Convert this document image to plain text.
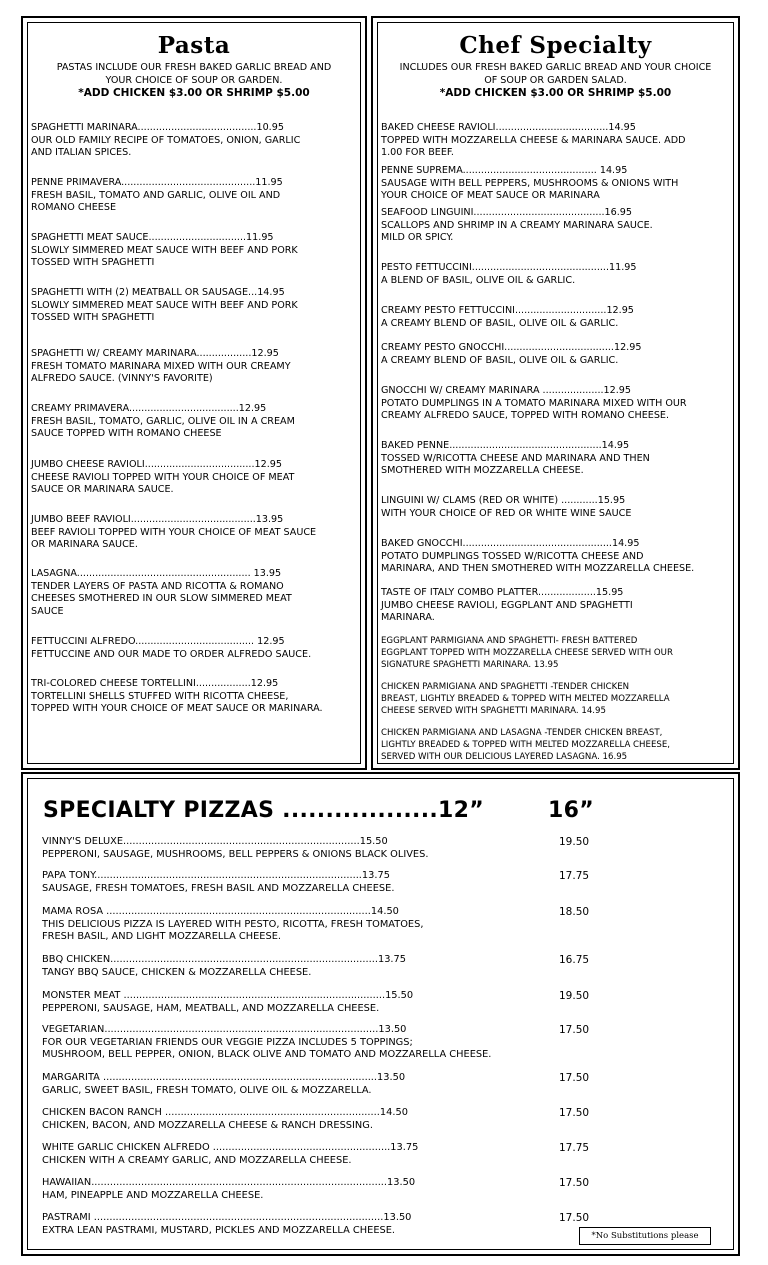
Pasta
PASTAS INCLUDE OUR FRESH BAKED GARLIC BREAD AND
YOUR CHOICE OF SOUP OR GARDEN.
*ADD CHICKEN $3.00 OR SHRIMP $5.00
SPAGHETTI MARINARA.......................................10.95
OUR OLD FAMILY RECIPE OF TOMATOES, ONION, GARLIC
AND ITALIAN SPICES.
PENNE PRIMAVERA............................................11.95
FRESH BASIL, TOMATO AND GARLIC, OLIVE OIL AND
ROMANO CHEESE
SPAGHETTI MEAT SAUCE................................11.95
SLOWLY SIMMERED MEAT SAUCE WITH BEEF AND PORK
TOSSED WITH SPAGHETTI
SPAGHETTI WITH (2) MEATBALL OR SAUSAGE...14.95
SLOWLY SIMMERED MEAT SAUCE WITH BEEF AND PORK
TOSSED WITH SPAGHETTI
SPAGHETTI W/ CREAMY MARINARA..................12.95
FRESH TOMATO MARINARA MIXED WITH OUR CREAMY
ALFREDO SAUCE. (VINNY'S FAVORITE)
CREAMY PRIMAVERA....................................12.95
FRESH BASIL, TOMATO, GARLIC, OLIVE OIL IN A CREAM
SAUCE TOPPED WITH ROMANO CHEESE
JUMBO CHEESE RAVIOLI....................................12.95
CHEESE RAVIOLI TOPPED WITH YOUR CHOICE OF MEAT
SAUCE OR MARINARA SAUCE.
JUMBO BEEF RAVIOLI.........................................13.95
BEEF RAVIOLI TOPPED WITH YOUR CHOICE OF MEAT SAUCE
OR MARINARA SAUCE.
LASAGNA......................................................... 13.95
TENDER LAYERS OF PASTA AND RICOTTA & ROMANO
CHEESES SMOTHERED IN OUR SLOW SIMMERED MEAT
SAUCE
FETTUCCINI ALFREDO....................................... 12.95
FETTUCCINE AND OUR MADE TO ORDER ALFREDO SAUCE.
TRI-COLORED CHEESE TORTELLINI..................12.95
TORTELLINI SHELLS STUFFED WITH RICOTTA CHEESE,
TOPPED WITH YOUR CHOICE OF MEAT SAUCE OR MARINARA.
Chef Specialty
INCLUDES OUR FRESH BAKED GARLIC BREAD AND YOUR CHOICE
OF SOUP OR GARDEN SALAD.
*ADD CHICKEN $3.00 OR SHRIMP $5.00
BAKED CHEESE RAVIOLI.....................................14.95
TOPPED WITH MOZZARELLA CHEESE & MARINARA SAUCE. ADD
1.00 FOR BEEF.
PENNE SUPREMA............................................ 14.95
SAUSAGE WITH BELL PEPPERS, MUSHROOMS & ONIONS WITH
YOUR CHOICE OF MEAT SAUCE OR MARINARA
SEAFOOD LINGUINI...........................................16.95
SCALLOPS AND SHRIMP IN A CREAMY MARINARA SAUCE.
MILD OR SPICY.
PESTO FETTUCCINI.............................................11.95
A BLEND OF BASIL, OLIVE OIL & GARLIC.
CREAMY PESTO FETTUCCINI..............................12.95
A CREAMY BLEND OF BASIL, OLIVE OIL & GARLIC.
CREAMY PESTO GNOCCHI....................................12.95
A CREAMY BLEND OF BASIL, OLIVE OIL & GARLIC.
GNOCCHI W/ CREAMY MARINARA ....................12.95
POTATO DUMPLINGS IN A TOMATO MARINARA MIXED WITH OUR
CREAMY ALFREDO SAUCE, TOPPED WITH ROMANO CHEESE.
BAKED PENNE..................................................14.95
TOSSED W/RICOTTA CHEESE AND MARINARA AND THEN
SMOTHERED WITH MOZZARELLA CHEESE.
LINGUINI W/ CLAMS (RED OR WHITE) ............15.95
WITH YOUR CHOICE OF RED OR WHITE WINE SAUCE
BAKED GNOCCHI.................................................14.95
POTATO DUMPLINGS TOSSED W/RICOTTA CHEESE AND
MARINARA, AND THEN SMOTHERED WITH MOZZARELLA CHEESE.
TASTE OF ITALY COMBO PLATTER...................15.95
JUMBO CHEESE RAVIOLI, EGGPLANT AND SPAGHETTI
MARINARA.
EGGPLANT PARMIGIANA AND SPAGHETTI- FRESH BATTERED
EGGPLANT TOPPED WITH MOZZARELLA CHEESE SERVED WITH OUR
SIGNATURE SPAGHETTI MARINARA. 13.95
CHICKEN PARMIGIANA AND SPAGHETTI -TENDER CHICKEN
BREAST, LIGHTLY BREADED & TOPPED WITH MELTED MOZZARELLA
CHEESE SERVED WITH SPAGHETTI MARINARA. 14.95
CHICKEN PARMIGIANA AND LASAGNA -TENDER CHICKEN BREAST,
LIGHTLY BREADED & TOPPED WITH MELTED MOZZARELLA CHEESE,
SERVED WITH OUR DELICIOUS LAYERED LASAGNA. 16.95
SPECIALTY PIZZAS ..................12”	16”
VINNY'S DELUXE............................................................................15.50
PEPPERONI, SAUSAGE, MUSHROOMS, BELL PEPPERS & ONIONS BLACK OLIVES.
19.50
PAPA TONY......................................................................................13.75
SAUSAGE, FRESH TOMATOES, FRESH BASIL AND MOZZARELLA CHEESE.
17.75
MAMA ROSA .....................................................................................14.50
THIS DELICIOUS PIZZA IS LAYERED WITH PESTO, RICOTTA, FRESH TOMATOES,
FRESH BASIL, AND LIGHT MOZZARELLA CHEESE.
18.50
BBQ CHICKEN......................................................................................13.75
TANGY BBQ SAUCE, CHICKEN & MOZZARELLA CHEESE.
16.75
MONSTER MEAT ....................................................................................15.50
PEPPERONI, SAUSAGE, HAM, MEATBALL, AND MOZZARELLA CHEESE.
19.50
VEGETARIAN........................................................................................13.50
FOR OUR VEGETARIAN FRIENDS OUR VEGGIE PIZZA INCLUDES 5 TOPPINGS;
MUSHROOM, BELL PEPPER, ONION, BLACK OLIVE AND TOMATO AND MOZZARELLA CHEESE.
17.50
MARGARITA ........................................................................................13.50
GARLIC, SWEET BASIL, FRESH TOMATO, OLIVE OIL & MOZZARELLA.
17.50
CHICKEN BACON RANCH .....................................................................14.50
CHICKEN, BACON, AND MOZZARELLA CHEESE & RANCH DRESSING.
17.50
WHITE GARLIC CHICKEN ALFREDO .........................................................13.75
CHICKEN WITH A CREAMY GARLIC, AND MOZZARELLA CHEESE.
17.75
HAWAIIAN...............................................................................................13.50
HAM, PINEAPPLE AND MOZZARELLA CHEESE.
17.50
PASTRAMI .............................................................................................13.50
EXTRA LEAN PASTRAMI, MUSTARD, PICKLES AND MOZZARELLA CHEESE.
17.50
*No Substitutions please
